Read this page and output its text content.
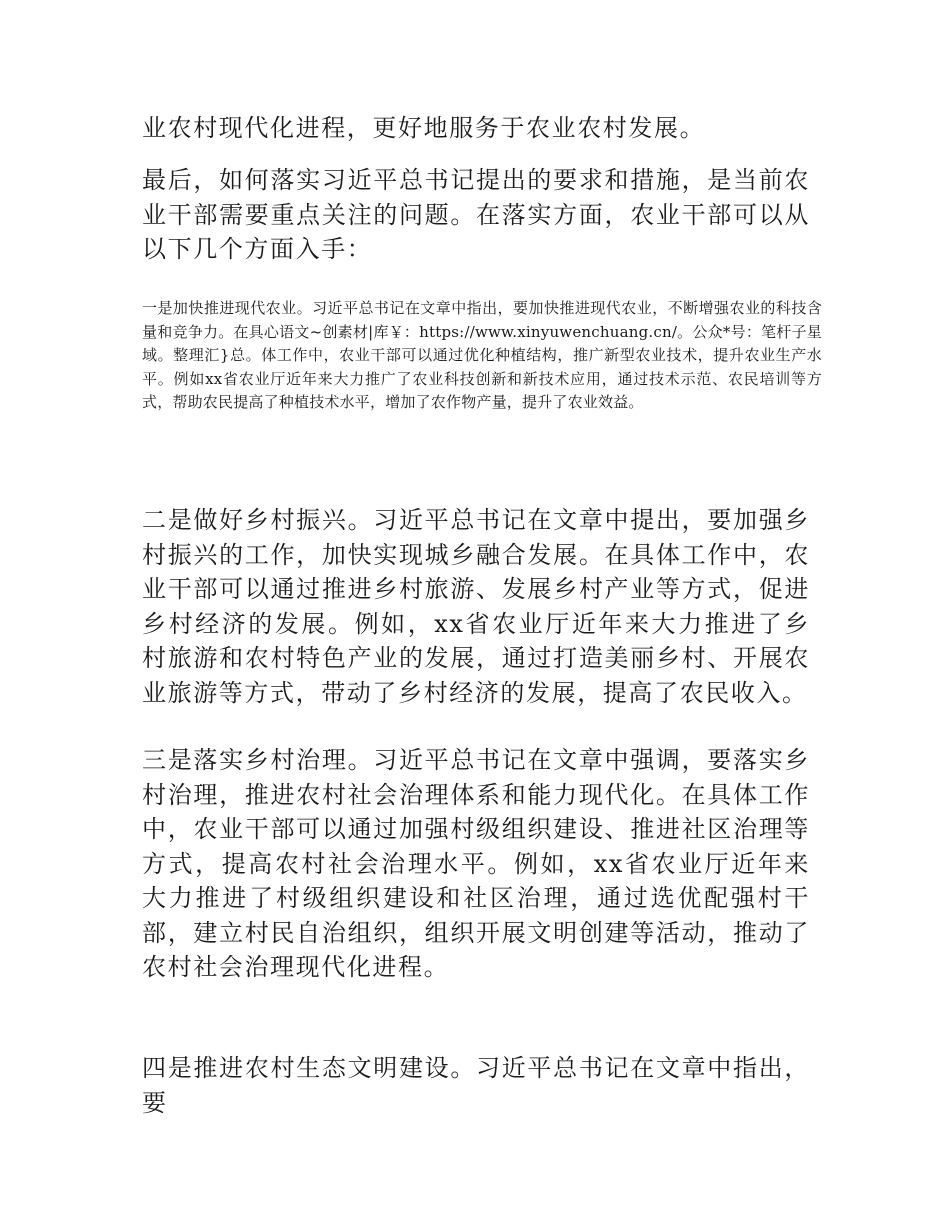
业农村现代化进程，更好地服务于农业农村发展。

最后，如何落实习近平总书记提出的要求和措施，是当前农业干部需要重点关注的问题。在落实方面，农业干部可以从以下几个方面入手：

一是加快推进现代农业。习近平总书记在文章中指出，要加快推进现代农业，不断增强农业的科技含量和竞争力。在具心语文~创素材|库￥：https://www.xinyuwenchuang.cn/。公众*号：笔杆子星域。整理汇}总。体工作中，农业干部可以通过优化种植结构，推广新型农业技术，提升农业生产水平。例如xx省农业厅近年来大力推广了农业科技创新和新技术应用，通过技术示范、农民培训等方式，帮助农民提高了种植技术水平，增加了农作物产量，提升了农业效益。

二是做好乡村振兴。习近平总书记在文章中提出，要加强乡村振兴的工作，加快实现城乡融合发展。在具体工作中，农业干部可以通过推进乡村旅游、发展乡村产业等方式，促进乡村经济的发展。例如，xx省农业厅近年来大力推进了乡村旅游和农村特色产业的发展，通过打造美丽乡村、开展农业旅游等方式，带动了乡村经济的发展，提高了农民收入。

三是落实乡村治理。习近平总书记在文章中强调，要落实乡村治理，推进农村社会治理体系和能力现代化。在具体工作中，农业干部可以通过加强村级组织建设、推进社区治理等方式，提高农村社会治理水平。例如，xx省农业厅近年来大力推进了村级组织建设和社区治理，通过选优配强村干部，建立村民自治组织，组织开展文明创建等活动，推动了农村社会治理现代化进程。

四是推进农村生态文明建设。习近平总书记在文章中指出，要
